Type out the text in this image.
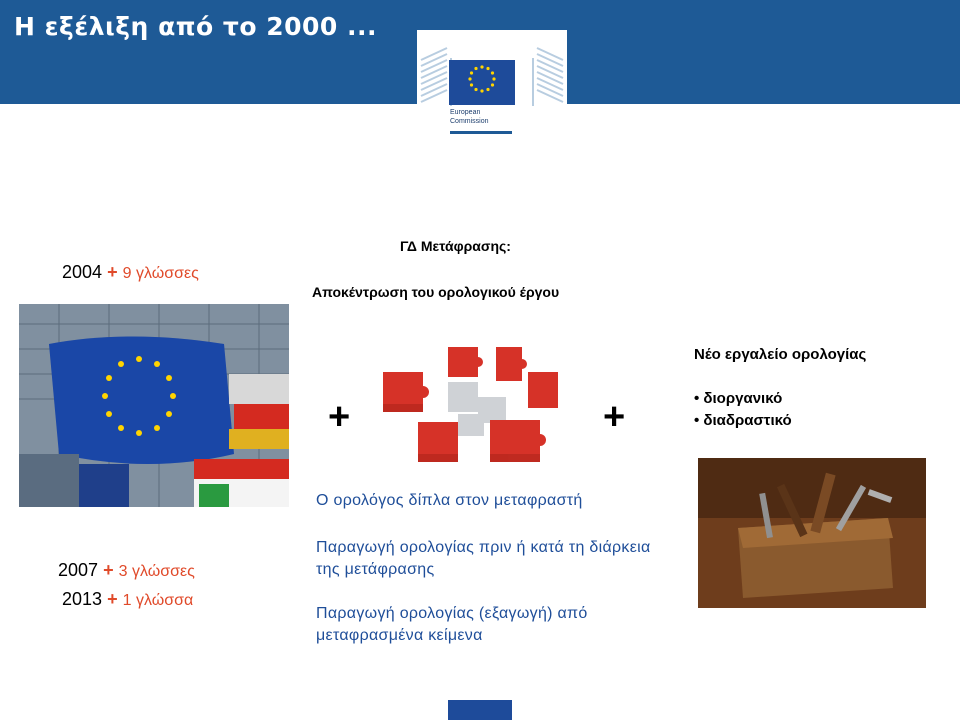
Η εξέλιξη από το 2000 ...
European
Commission
2004 + 9 γλώσσες
2007 + 3 γλώσσες
2013 + 1 γλώσσα
ΓΔ Μετάφρασης:
Αποκέντρωση του ορολογικού έργου
+	+
Ο ορολόγος δίπλα στον μεταφραστή
Παραγωγή ορολογίας πριν ή κατά τη διάρκεια της μετάφρασης
Παραγωγή ορολογίας (εξαγωγή) από μεταφρασμένα κείμενα
Νέο εργαλείο ορολογίας
• διοργανικό
• διαδραστικό
